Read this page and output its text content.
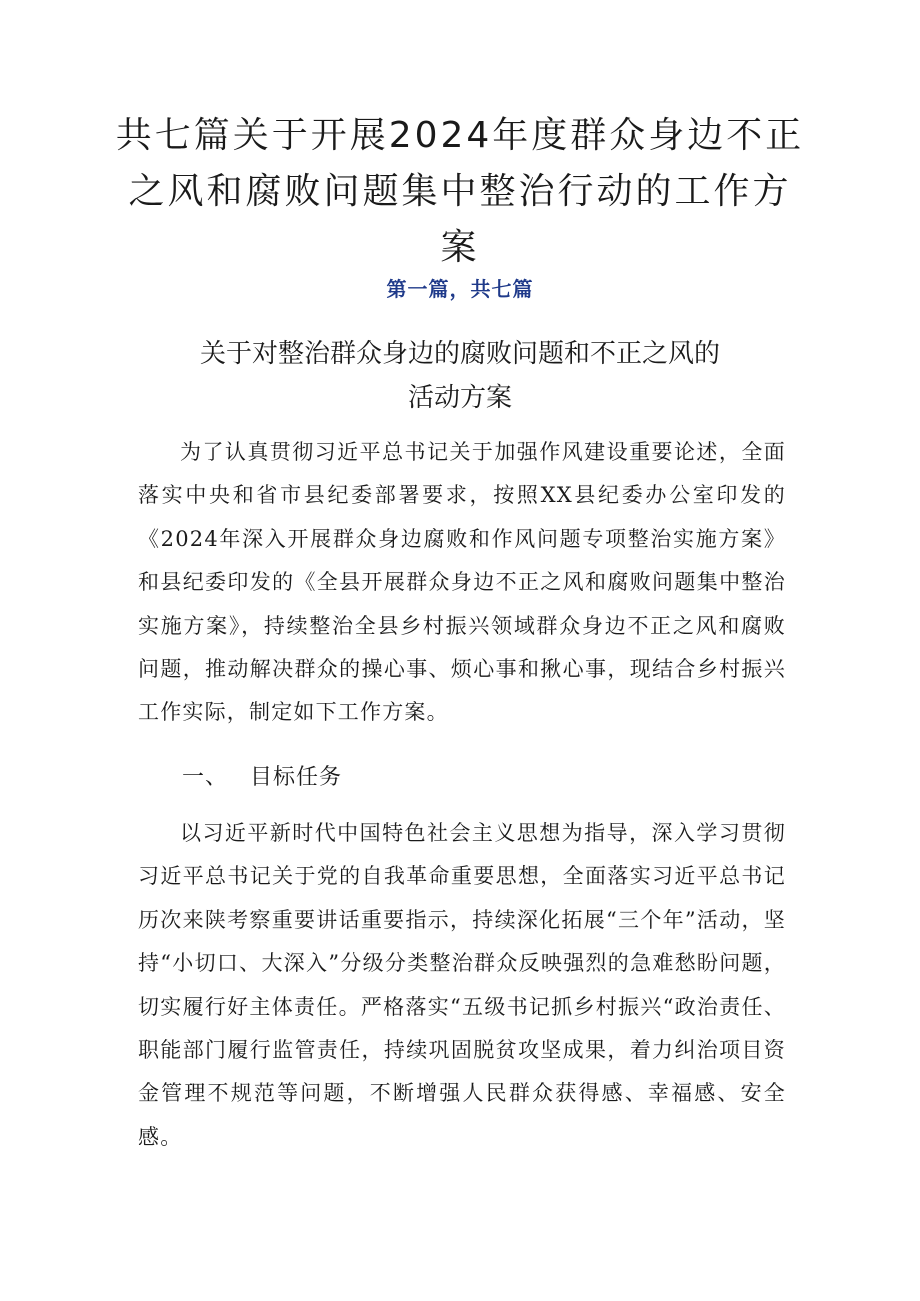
共七篇关于开展2024年度群众身边不正之风和腐败问题集中整治行动的工作方案
第一篇，共七篇
关于对整治群众身边的腐败问题和不正之风的
活动方案

为了认真贯彻习近平总书记关于加强作风建设重要论述，全面落实中央和省市县纪委部署要求，按照XX县纪委办公室印发的《2024年深入开展群众身边腐败和作风问题专项整治实施方案》和县纪委印发的《全县开展群众身边不正之风和腐败问题集中整治实施方案》，持续整治全县乡村振兴领域群众身边不正之风和腐败问题，推动解决群众的操心事、烦心事和揪心事，现结合乡村振兴工作实际，制定如下工作方案。

一、 目标任务

以习近平新时代中国特色社会主义思想为指导，深入学习贯彻习近平总书记关于党的自我革命重要思想，全面落实习近平总书记历次来陕考察重要讲话重要指示，持续深化拓展“三个年”活动，坚持“小切口、大深入”分级分类整治群众反映强烈的急难愁盼问题，切实履行好主体责任。严格落实“五级书记抓乡村振兴“政治责任、职能部门履行监管责任，持续巩固脱贫攻坚成果，着力纠治项目资金管理不规范等问题，不断增强人民群众获得感、幸福感、安全感。
